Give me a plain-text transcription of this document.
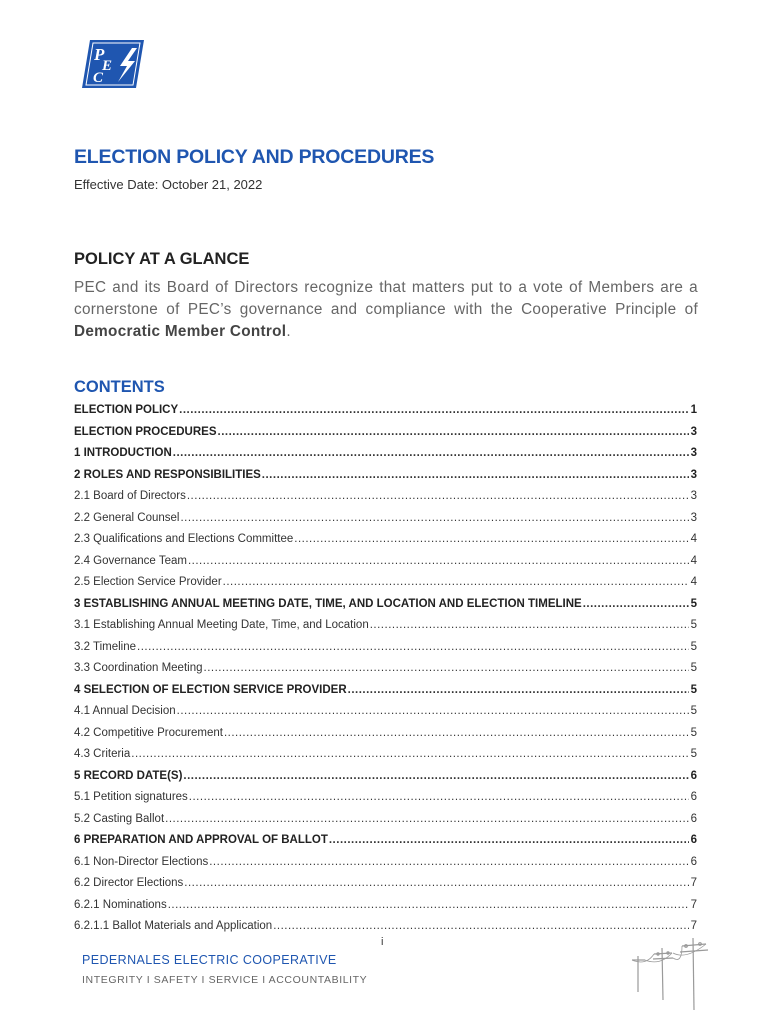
P
E
C
ELECTION POLICY AND PROCEDURES
Effective Date: October 21, 2022
POLICY AT A GLANCE

PEC and its Board of Directors recognize that matters put to a vote of Members are a cornerstone of PEC’s governance and compliance with the Cooperative Principle of Democratic Member Control.

CONTENTS
ELECTION POLICY .....	1
ELECTION PROCEDURES .....	3
1 INTRODUCTION .....	3
2 ROLES AND RESPONSIBILITIES .....	3
2.1 Board of Directors .....	3
2.2 General Counsel .....	3
2.3 Qualifications and Elections Committee .....	4
2.4 Governance Team .....	4
2.5 Election Service Provider .....	4
3 ESTABLISHING ANNUAL MEETING DATE, TIME, AND LOCATION AND ELECTION TIMELINE .....	5
3.1 Establishing Annual Meeting Date, Time, and Location .....	5
3.2 Timeline .....	5
3.3 Coordination Meeting .....	5
4 SELECTION OF ELECTION SERVICE PROVIDER .....	5
4.1 Annual Decision .....	5
4.2 Competitive Procurement .....	5
4.3 Criteria .....	5
5 RECORD DATE(S) .....	6
5.1 Petition signatures .....	6
5.2 Casting Ballot .....	6
6 PREPARATION AND APPROVAL OF BALLOT .....	6
6.1 Non-Director Elections .....	6
6.2 Director Elections .....	7
6.2.1 Nominations .....	7
6.2.1.1 Ballot Materials and Application .....	7
i
PEDERNALES ELECTRIC COOPERATIVE
INTEGRITY I SAFETY I SERVICE I ACCOUNTABILITY
